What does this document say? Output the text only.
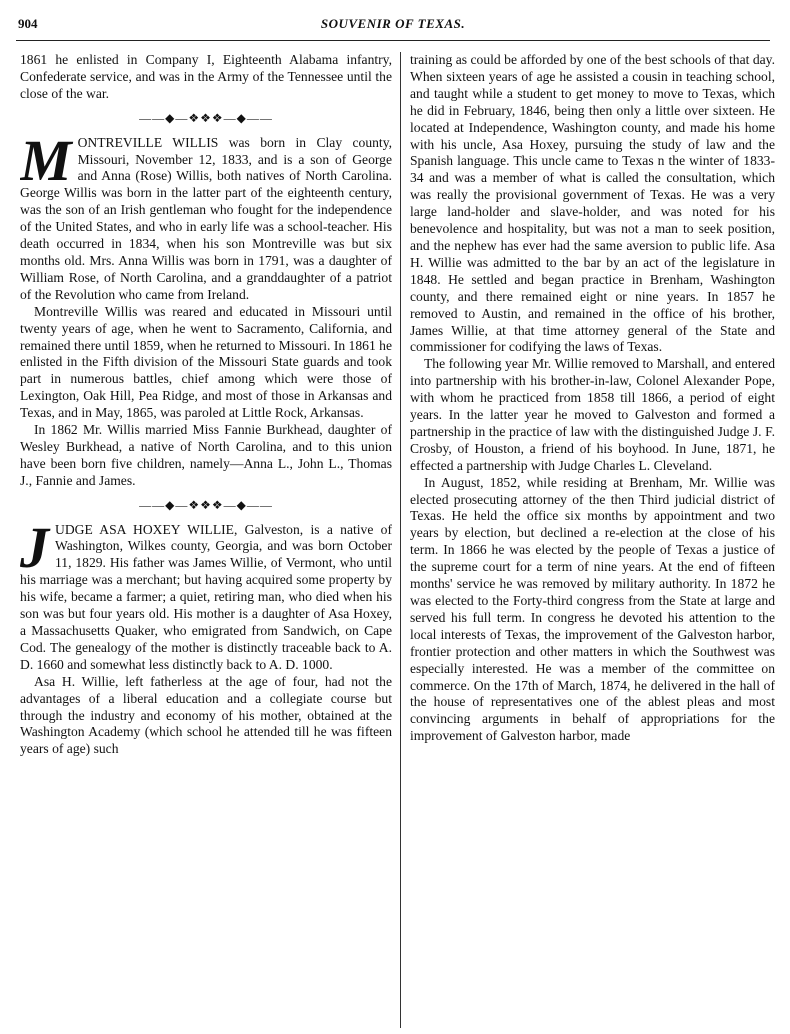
904	SOUVENIR OF TEXAS.

1861 he enlisted in Company I, Eighteenth Alabama infantry, Confederate service, and was in the Army of the Tennessee until the close of the war.

——◆—❖❖❖—◆——

MONTREVILLE WILLIS was born in Clay county, Missouri, November 12, 1833, and is a son of George and Anna (Rose) Willis, both natives of North Carolina. George Willis was born in the latter part of the eighteenth century, was the son of an Irish gentleman who fought for the independence of the United States, and who in early life was a school-teacher. His death occurred in 1834, when his son Montreville was but six months old. Mrs. Anna Willis was born in 1791, was a daughter of William Rose, of North Carolina, and a granddaughter of a patriot of the Revolution who came from Ireland.

Montreville Willis was reared and educated in Missouri until twenty years of age, when he went to Sacramento, California, and remained there until 1859, when he returned to Missouri. In 1861 he enlisted in the Fifth division of the Missouri State guards and took part in numerous battles, chief among which were those of Lexington, Oak Hill, Pea Ridge, and most of those in Arkansas and Texas, and in May, 1865, was paroled at Little Rock, Arkansas.

In 1862 Mr. Willis married Miss Fannie Burkhead, daughter of Wesley Burkhead, a native of North Carolina, and to this union have been born five children, namely—Anna L., John L., Thomas J., Fannie and James.

——◆—❖❖❖—◆——

JUDGE ASA HOXEY WILLIE, Galveston, is a native of Washington, Wilkes county, Georgia, and was born October 11, 1829. His father was James Willie, of Vermont, who until his marriage was a merchant; but having acquired some property by his wife, became a farmer; a quiet, retiring man, who died when his son was but four years old. His mother is a daughter of Asa Hoxey, a Massachusetts Quaker, who emigrated from Sandwich, on Cape Cod. The genealogy of the mother is distinctly traceable back to A. D. 1660 and somewhat less distinctly back to A. D. 1000.

Asa H. Willie, left fatherless at the age of four, had not the advantages of a liberal education and a collegiate course but through the industry and economy of his mother, obtained at the Washington Academy (which school he attended till he was fifteen years of age) such

training as could be afforded by one of the best schools of that day. When sixteen years of age he assisted a cousin in teaching school, and taught while a student to get money to move to Texas, which he did in February, 1846, being then only a little over sixteen. He located at Independence, Washington county, and made his home with his uncle, Asa Hoxey, pursuing the study of law and the Spanish language. This uncle came to Texas n the winter of 1833-34 and was a member of what is called the consultation, which was really the provisional government of Texas. He was a very large land-holder and slave-holder, and was noted for his benevolence and hospitality, but was not a man to seek position, and the nephew has ever had the same aversion to public life. Asa H. Willie was admitted to the bar by an act of the legislature in 1848. He settled and began practice in Brenham, Washington county, and there remained eight or nine years. In 1857 he removed to Austin, and remained in the office of his brother, James Willie, at that time attorney general of the State and commissioner for codifying the laws of Texas.

The following year Mr. Willie removed to Marshall, and entered into partnership with his brother-in-law, Colonel Alexander Pope, with whom he practiced from 1858 till 1866, a period of eight years. In the latter year he moved to Galveston and formed a partnership in the practice of law with the distinguished Judge J. F. Crosby, of Houston, a friend of his boyhood. In June, 1871, he effected a partnership with Judge Charles L. Cleveland.

In August, 1852, while residing at Brenham, Mr. Willie was elected prosecuting attorney of the then Third judicial district of Texas. He held the office six months by appointment and two years by election, but declined a re-election at the close of his term. In 1866 he was elected by the people of Texas a justice of the supreme court for a term of nine years. At the end of fifteen months' service he was removed by military authority. In 1872 he was elected to the Forty-third congress from the State at large and served his full term. In congress he devoted his attention to the local interests of Texas, the improvement of the Galveston harbor, frontier protection and other matters in which the Southwest was especially interested. He was a member of the committee on commerce. On the 17th of March, 1874, he delivered in the hall of the house of representatives one of the ablest pleas and most convincing arguments in behalf of appropriations for the improvement of Galveston harbor, made
